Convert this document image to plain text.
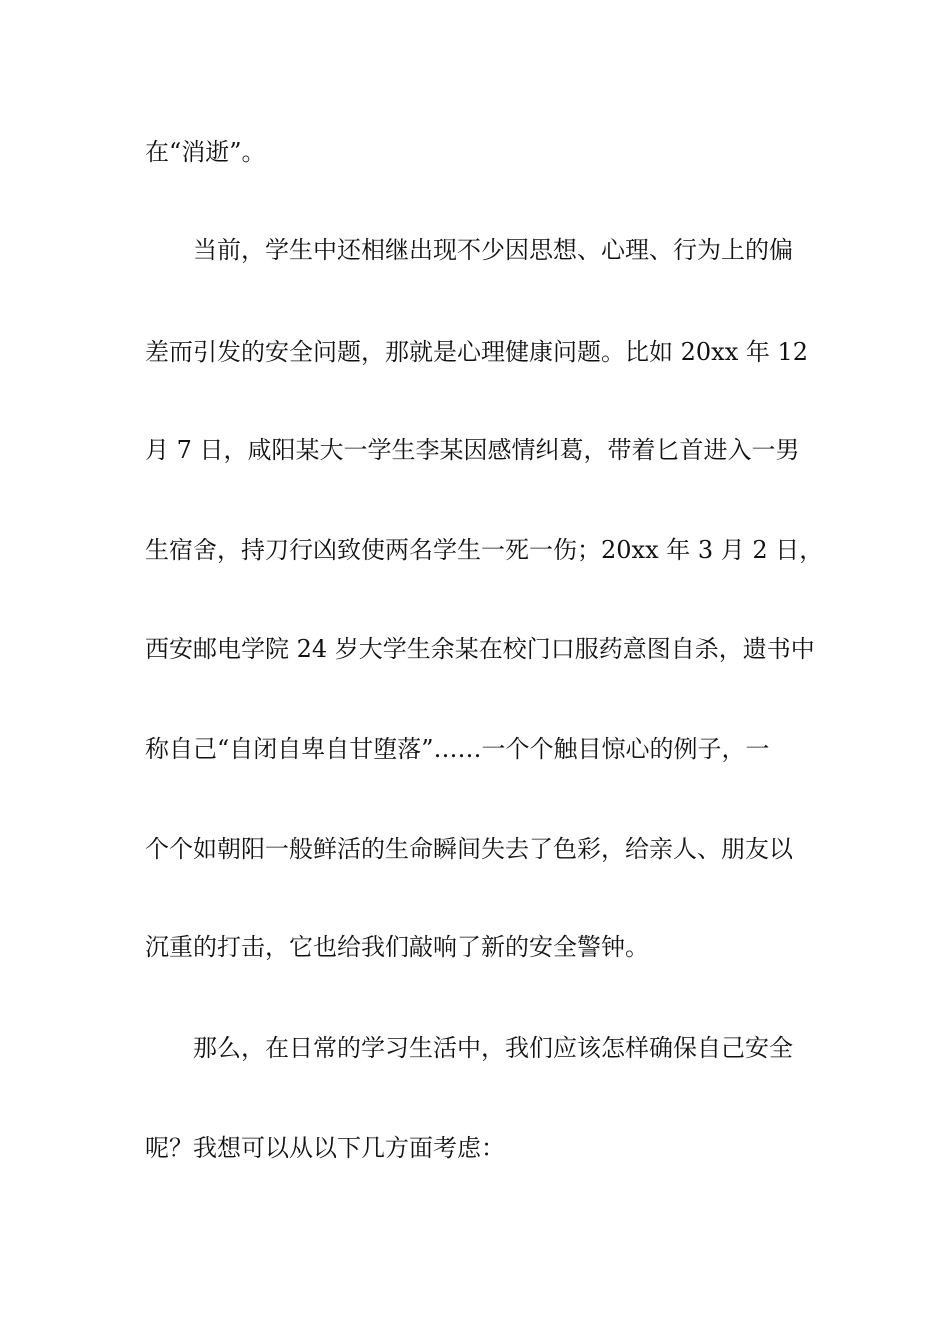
在“消逝”。
当前，学生中还相继出现不少因思想、心理、行为上的偏
差而引发的安全问题，那就是心理健康问题。比如 20xx 年 12
月 7 日，咸阳某大一学生李某因感情纠葛，带着匕首进入一男
生宿舍，持刀行凶致使两名学生一死一伤；20xx 年 3 月 2 日，
西安邮电学院 24 岁大学生余某在校门口服药意图自杀，遗书中
称自己“自闭自卑自甘堕落”……一个个触目惊心的例子，一
个个如朝阳一般鲜活的生命瞬间失去了色彩，给亲人、朋友以
沉重的打击，它也给我们敲响了新的安全警钟。
那么，在日常的学习生活中，我们应该怎样确保自己安全
呢？我想可以从以下几方面考虑：
